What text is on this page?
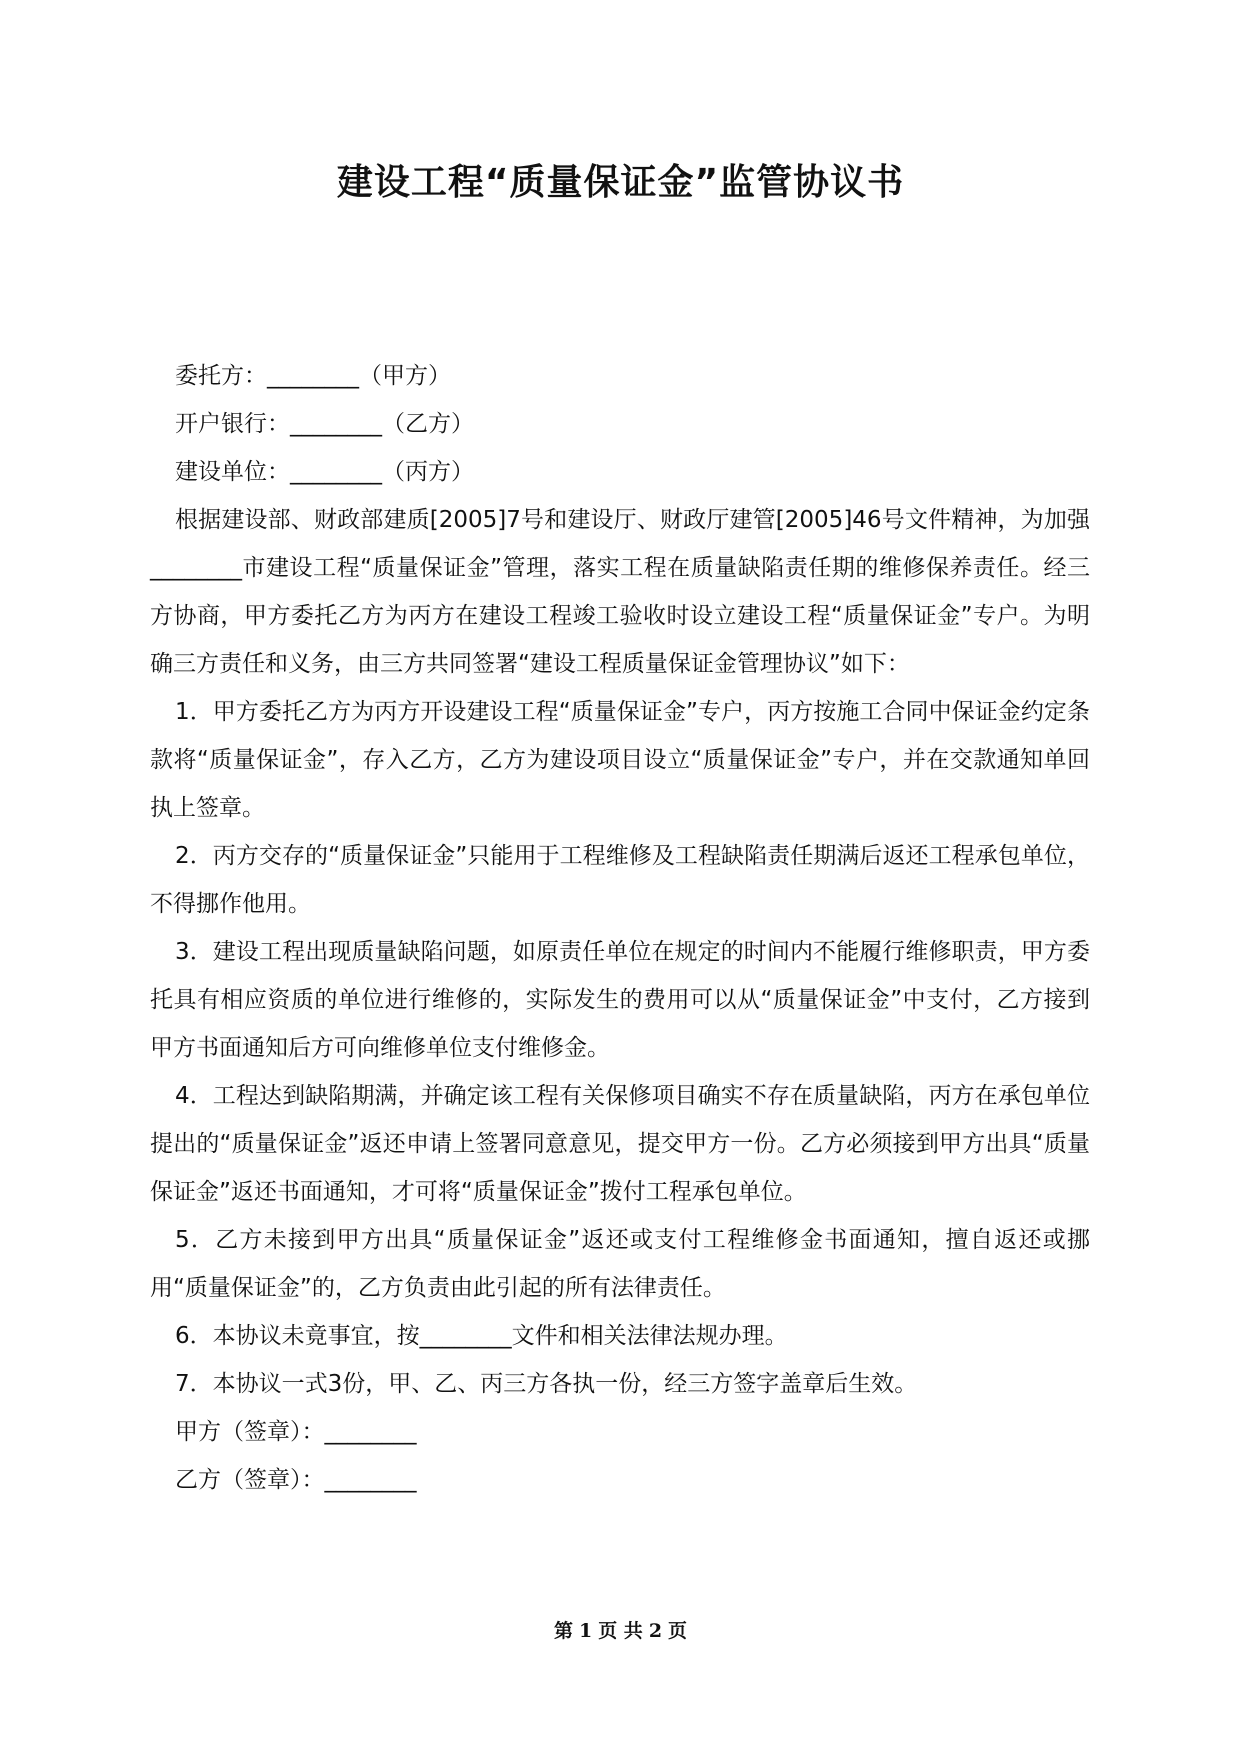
建设工程“质量保证金”监管协议书

委托方：________（甲方）

开户银行：________（乙方）

建设单位：________（丙方）

根据建设部、财政部建质[2005]7号和建设厅、财政厅建管[2005]46号文件精神，为加强________市建设工程“质量保证金”管理，落实工程在质量缺陷责任期的维修保养责任。经三方协商，甲方委托乙方为丙方在建设工程竣工验收时设立建设工程“质量保证金”专户。为明确三方责任和义务，由三方共同签署“建设工程质量保证金管理协议”如下：

1．甲方委托乙方为丙方开设建设工程“质量保证金”专户，丙方按施工合同中保证金约定条款将“质量保证金”，存入乙方，乙方为建设项目设立“质量保证金”专户，并在交款通知单回执上签章。

2．丙方交存的“质量保证金”只能用于工程维修及工程缺陷责任期满后返还工程承包单位，不得挪作他用。

3．建设工程出现质量缺陷问题，如原责任单位在规定的时间内不能履行维修职责，甲方委托具有相应资质的单位进行维修的，实际发生的费用可以从“质量保证金”中支付，乙方接到甲方书面通知后方可向维修单位支付维修金。

4．工程达到缺陷期满，并确定该工程有关保修项目确实不存在质量缺陷，丙方在承包单位提出的“质量保证金”返还申请上签署同意意见，提交甲方一份。乙方必须接到甲方出具“质量保证金”返还书面通知，才可将“质量保证金”拨付工程承包单位。

5．乙方未接到甲方出具“质量保证金”返还或支付工程维修金书面通知，擅自返还或挪用“质量保证金”的，乙方负责由此引起的所有法律责任。

6．本协议未竟事宜，按________文件和相关法律法规办理。

7．本协议一式3份，甲、乙、丙三方各执一份，经三方签字盖章后生效。

甲方（签章）：________

乙方（签章）：________

第 1 页 共 2 页
